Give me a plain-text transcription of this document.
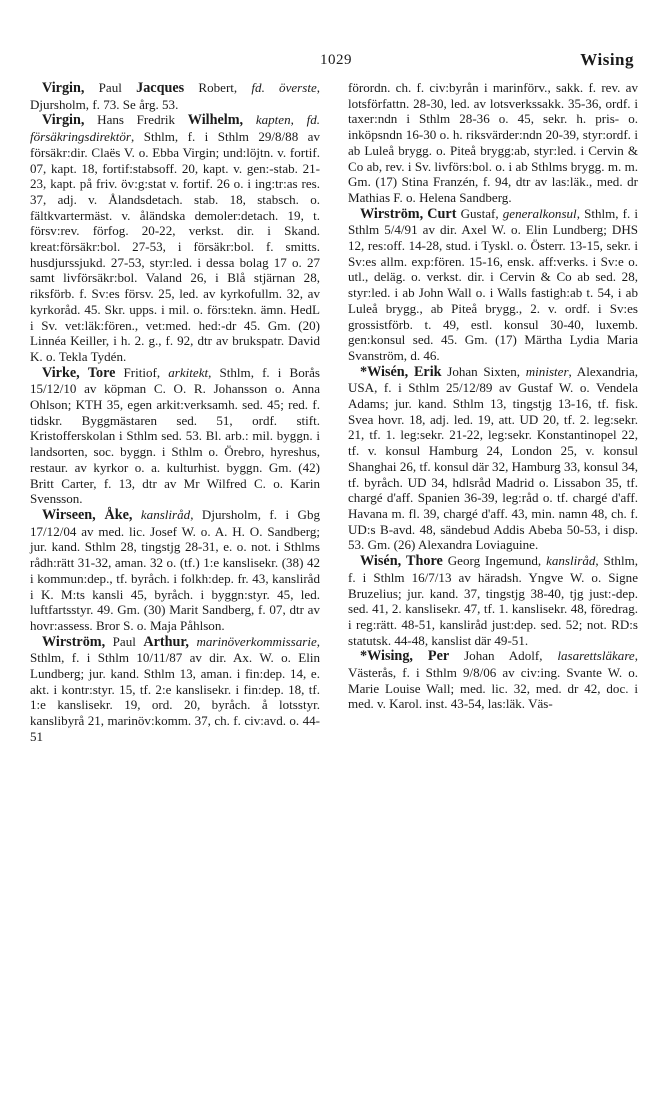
1029	Wising

Virgin, Paul Jacques Robert, fd. överste, Djursholm, f. 73. Se årg. 53.

Virgin, Hans Fredrik Wilhelm, kapten, fd. försäkringsdirektör, Sthlm, f. i Sthlm 29/8/88 av försäkr:dir. Claës V. o. Ebba Virgin; und:löjtn. v. fortif. 07, kapt. 18, fortif:stabsoff. 20, kapt. v. gen:-stab. 21-23, kapt. på friv. öv:g:stat v. fortif. 26 o. i ing:tr:as res. 37, adj. v. Ålandsdetach. stab. 18, stabsch. o. fältkvartermäst. v. åländska demoler:detach. 19, t. försv:rev. förfog. 20-22, verkst. dir. i Skand. kreat:försäkr:bol. 27-53, i försäkr:bol. f. smitts. husdjurssjukd. 27-53, styr:led. i dessa bolag 17 o. 27 samt livförsäkr:bol. Valand 26, i Blå stjärnan 28, riksförb. f. Sv:es försv. 25, led. av kyrkofullm. 32, av kyrkoråd. 45. Skr. upps. i mil. o. förs:tekn. ämn. HedL i Sv. vet:läk:fören., vet:med. hed:-dr 45. Gm. (20) Linnéa Keiller, i h. 2. g., f. 92, dtr av brukspatr. David K. o. Tekla Tydén.

Virke, Tore Fritiof, arkitekt, Sthlm, f. i Borås 15/12/10 av köpman C. O. R. Johansson o. Anna Ohlson; KTH 35, egen arkit:verksamh. sed. 45; red. f. tidskr. Byggmästaren sed. 51, ordf. stift. Kristofferskolan i Sthlm sed. 53. Bl. arb.: mil. byggn. i landsorten, soc. byggn. i Sthlm o. Örebro, hyreshus, restaur. av kyrkor o. a. kulturhist. byggn. Gm. (42) Britt Carter, f. 13, dtr av Mr Wilfred C. o. Karin Svensson.

Wirseen, Åke, kansliråd, Djursholm, f. i Gbg 17/12/04 av med. lic. Josef W. o. A. H. O. Sandberg; jur. kand. Sthlm 28, tingstjg 28-31, e. o. not. i Sthlms rådh:rätt 31-32, aman. 32 o. (tf.) 1:e kanslisekr. (38) 42 i kommun:dep., tf. byråch. i folkh:dep. fr. 43, kansliråd i K. M:ts kansli 45, byråch. i byggn:styr. 45, led. luftfartsstyr. 49. Gm. (30) Marit Sandberg, f. 07, dtr av hovr:assess. Bror S. o. Maja Påhlson.

Wirström, Paul Arthur, marinöverkommissarie, Sthlm, f. i Sthlm 10/11/87 av dir. Ax. W. o. Elin Lundberg; jur. kand. Sthlm 13, aman. i fin:dep. 14, e. akt. i kontr:styr. 15, tf. 2:e kanslisekr. i fin:dep. 18, tf. 1:e kanslisekr. 19, ord. 20, byråch. å lotsstyr. kanslibyrå 21, marinöv:komm. 37, ch. f. civ:avd. o. 44-51

förordn. ch. f. civ:byrån i marinförv., sakk. f. rev. av lotsförfattn. 28-30, led. av lotsverkssakk. 35-36, ordf. i taxer:ndn i Sthlm 28-36 o. 45, sekr. h. pris- o. inköpsndn 16-30 o. h. riksvärder:ndn 20-39, styr:ordf. i ab Luleå brygg. o. Piteå brygg:ab, styr:led. i Cervin & Co ab, rev. i Sv. livförs:bol. o. i ab Sthlms brygg. m. m. Gm. (17) Stina Franzén, f. 94, dtr av las:läk., med. dr Mathias F. o. Helena Sandberg.

Wirström, Curt Gustaf, generalkonsul, Sthlm, f. i Sthlm 5/4/91 av dir. Axel W. o. Elin Lundberg; DHS 12, res:off. 14-28, stud. i Tyskl. o. Österr. 13-15, sekr. i Sv:es allm. exp:fören. 15-16, ensk. aff:verks. i Sv:e o. utl., deläg. o. verkst. dir. i Cervin & Co ab sed. 28, styr:led. i ab John Wall o. i Walls fastigh:ab t. 54, i ab Luleå brygg., ab Piteå brygg., 2. v. ordf. i Sv:es grossistförb. t. 49, estl. konsul 30-40, luxemb. gen:konsul sed. 45. Gm. (17) Märtha Lydia Maria Svanström, d. 46.

*Wisén, Erik Johan Sixten, minister, Alexandria, USA, f. i Sthlm 25/12/89 av Gustaf W. o. Vendela Adams; jur. kand. Sthlm 13, tingstjg 13-16, tf. fisk. Svea hovr. 18, adj. led. 19, att. UD 20, tf. 2. leg:sekr. 21, tf. 1. leg:sekr. 21-22, leg:sekr. Konstantinopel 22, tf. v. konsul Hamburg 24, London 25, v. konsul Shanghai 26, tf. konsul där 32, Hamburg 33, konsul 34, tf. byråch. UD 34, hdlsråd Madrid o. Lissabon 35, tf. chargé d'aff. Spanien 36-39, leg:råd o. tf. chargé d'aff. Havana m. fl. 39, chargé d'aff. 43, min. namn 48, ch. f. UD:s B-avd. 48, sändebud Addis Abeba 50-53, i disp. 53. Gm. (26) Alexandra Loviaguine.

Wisén, Thore Georg Ingemund, kansliråd, Sthlm, f. i Sthlm 16/7/13 av häradsh. Yngve W. o. Signe Bruzelius; jur. kand. 37, tingstjg 38-40, tjg just:-dep. sed. 41, 2. kanslisekr. 47, tf. 1. kanslisekr. 48, föredrag. i reg:rätt. 48-51, kansliråd just:dep. sed. 52; not. RD:s statutsk. 44-48, kanslist där 49-51.

*Wising, Per Johan Adolf, lasarettsläkare, Västerås, f. i Sthlm 9/8/06 av civ:ing. Svante W. o. Marie Louise Wall; med. lic. 32, med. dr 42, doc. i med. v. Karol. inst. 43-54, las:läk. Väs-
